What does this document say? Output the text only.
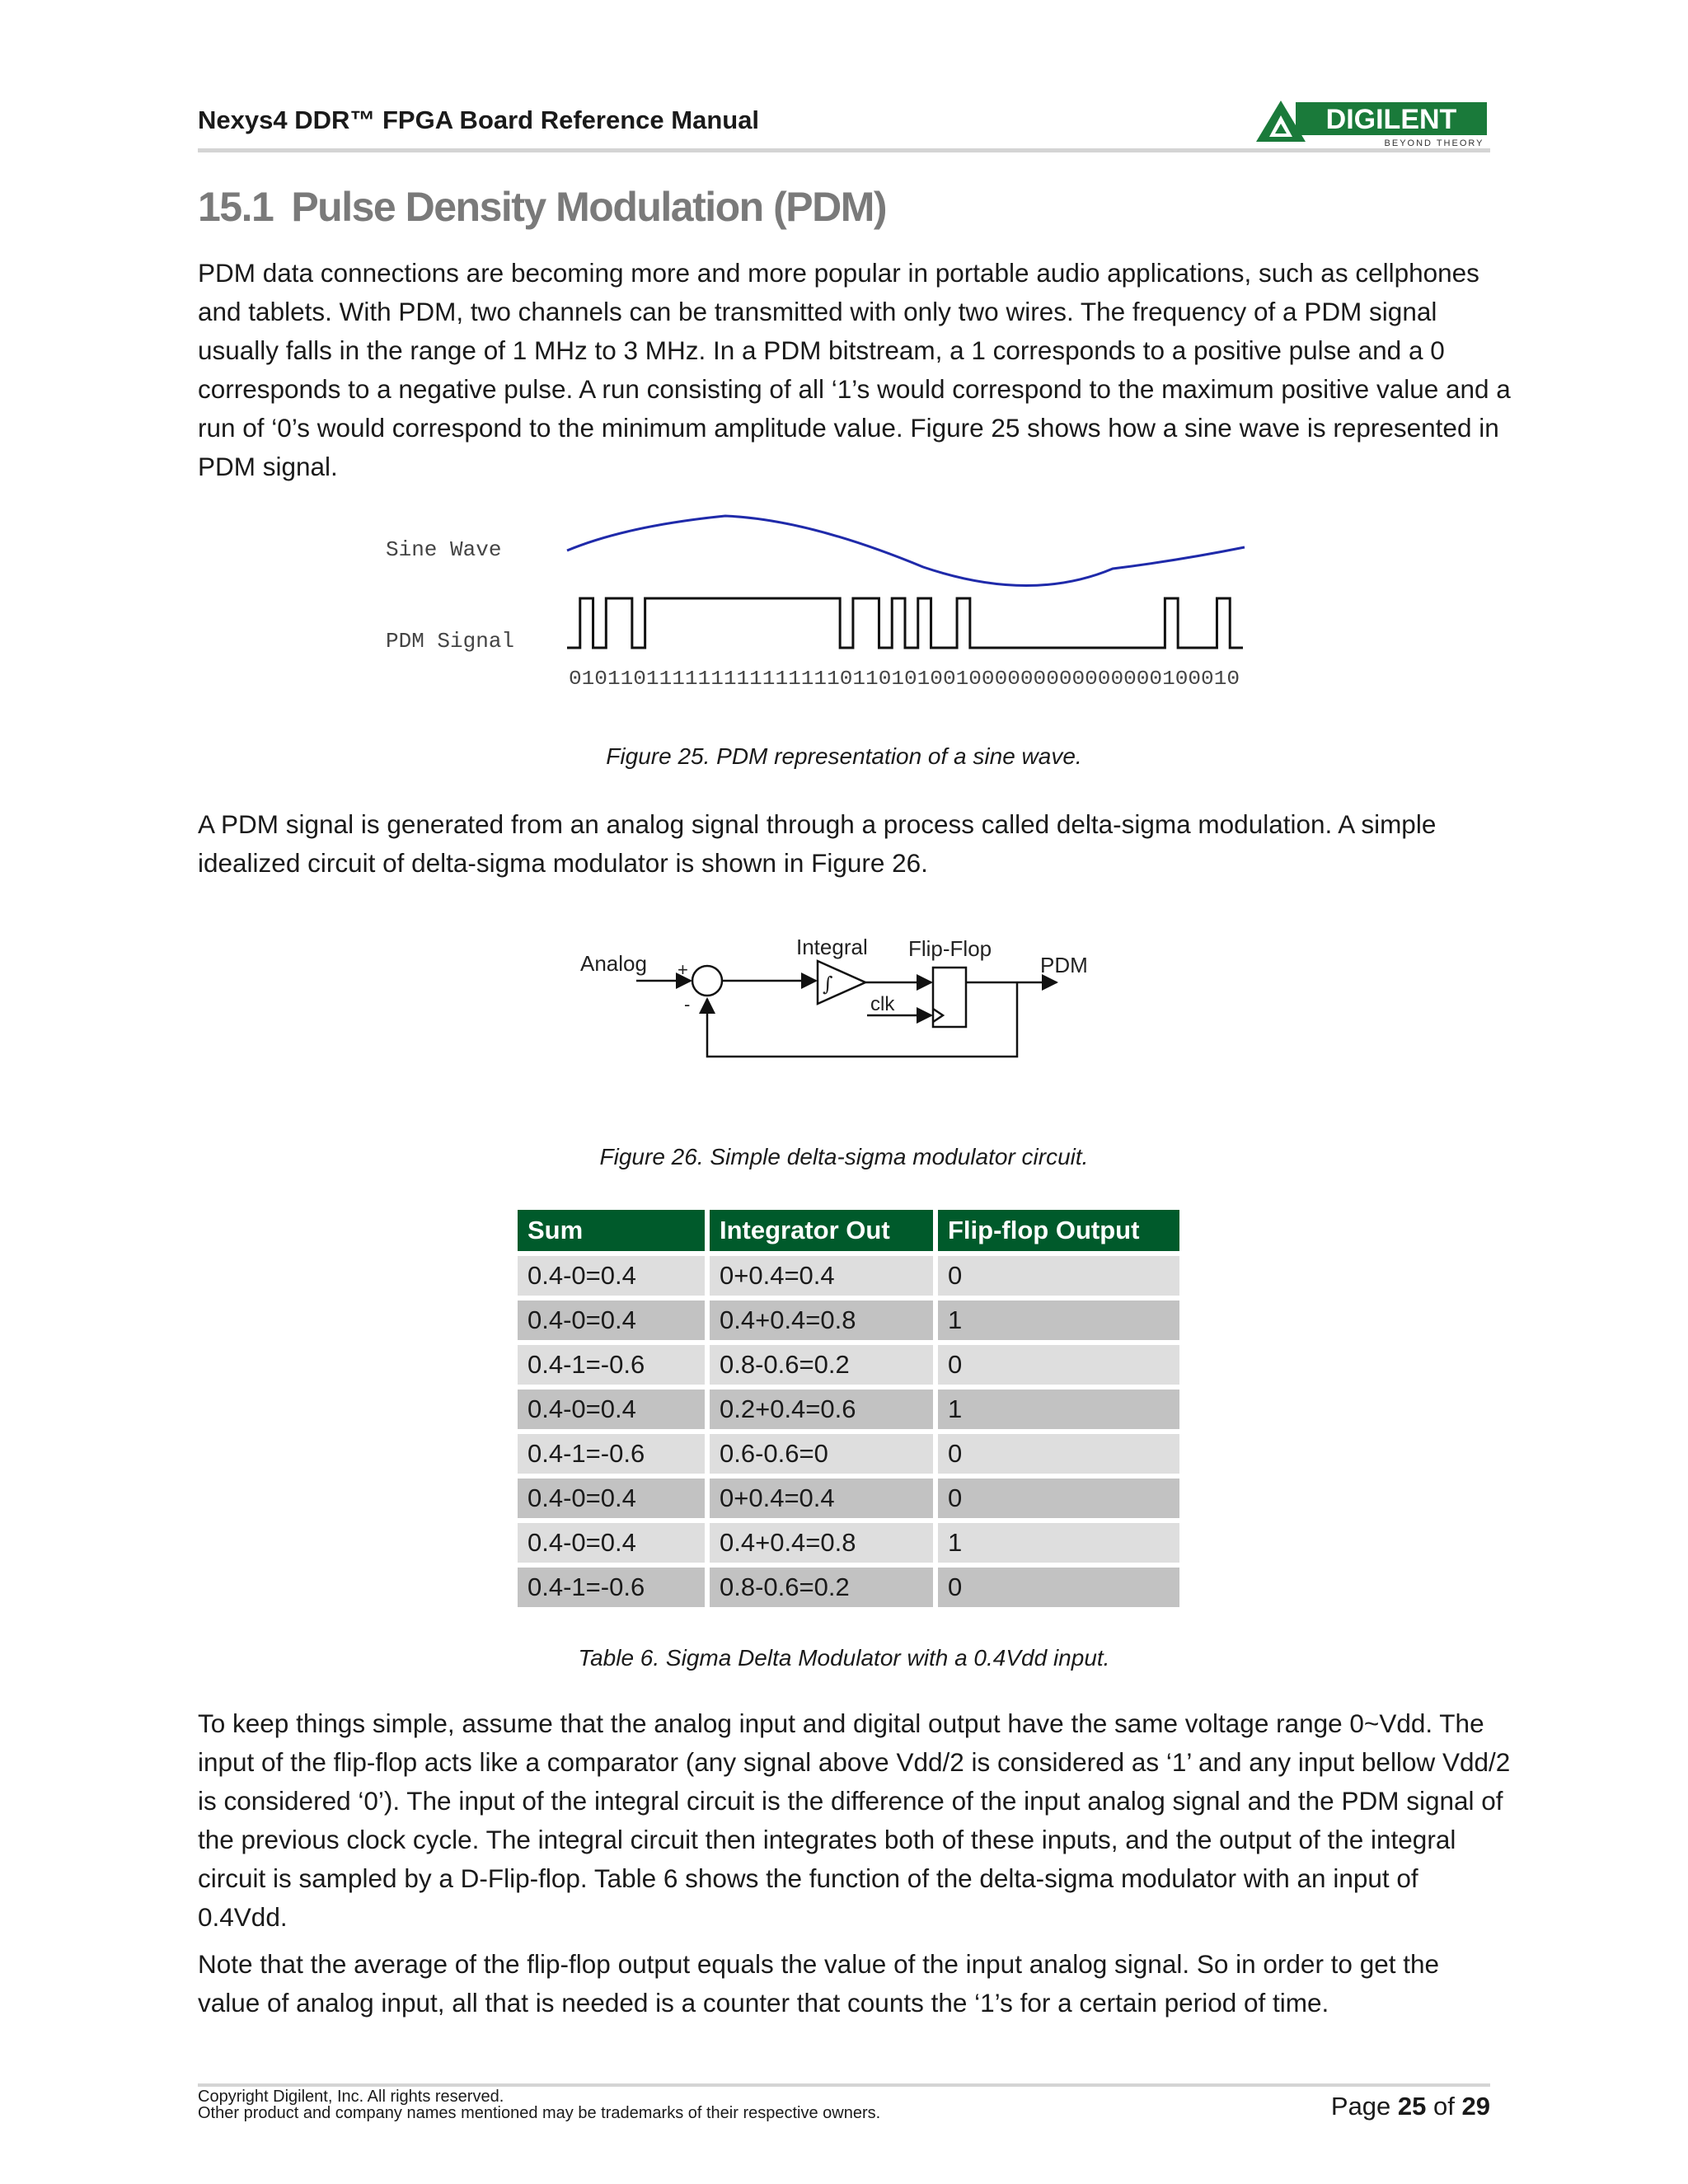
Nexys4 DDR™ FPGA Board Reference Manual	DIGILENT
BEYOND THEORY
15.1 Pulse Density Modulation (PDM)

PDM data connections are becoming more and more popular in portable audio applications, such as cellphones
and tablets. With PDM, two channels can be transmitted with only two wires. The frequency of a PDM signal
usually falls in the range of 1 MHz to 3 MHz. In a PDM bitstream, a 1 corresponds to a positive pulse and a 0
corresponds to a negative pulse. A run consisting of all ‘1’s would correspond to the maximum positive value and a
run of ‘0’s would correspond to the minimum amplitude value. Figure 25 shows how a sine wave is represented in
PDM signal.

Sine Wave
PDM Signal
0101101111111111111110110101001000000000000000100010
Figure 25. PDM representation of a sine wave.

A PDM signal is generated from an analog signal through a process called delta-sigma modulation. A simple
idealized circuit of delta-sigma modulator is shown in Figure 26.

Analog
Integral Flip-Flop
PDM
clk
+
-
∫
Figure 26. Simple delta-sigma modulator circuit.
Sum	Integrator Out	Flip-flop Output
0.4-0=0.4	0+0.4=0.4	0
0.4-0=0.4	0.4+0.4=0.8	1
0.4-1=-0.6	0.8-0.6=0.2	0
0.4-0=0.4	0.2+0.4=0.6	1
0.4-1=-0.6	0.6-0.6=0	0
0.4-0=0.4	0+0.4=0.4	0
0.4-0=0.4	0.4+0.4=0.8	1
0.4-1=-0.6	0.8-0.6=0.2	0
Table 6. Sigma Delta Modulator with a 0.4Vdd input.

To keep things simple, assume that the analog input and digital output have the same voltage range 0~Vdd. The
input of the flip-flop acts like a comparator (any signal above Vdd/2 is considered as ‘1’ and any input bellow Vdd/2
is considered ‘0’). The input of the integral circuit is the difference of the input analog signal and the PDM signal of
the previous clock cycle. The integral circuit then integrates both of these inputs, and the output of the integral
circuit is sampled by a D-Flip-flop. Table 6 shows the function of the delta-sigma modulator with an input of
0.4Vdd.

Note that the average of the flip-flop output equals the value of the input analog signal. So in order to get the
value of analog input, all that is needed is a counter that counts the ‘1’s for a certain period of time.

Copyright Digilent, Inc. All rights reserved.
Other product and company names mentioned may be trademarks of their respective owners.	Page 25 of 29
